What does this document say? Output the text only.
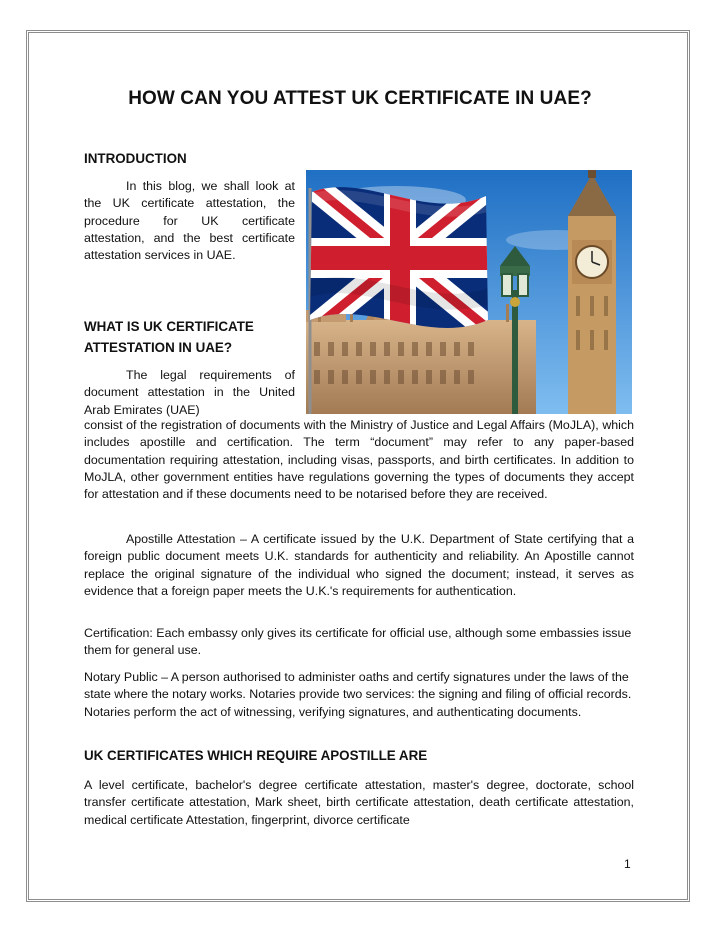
HOW CAN YOU ATTEST UK CERTIFICATE IN UAE?
INTRODUCTION

In this blog, we shall look at the UK certificate attestation, the procedure for UK certificate attestation, and the best certificate attestation services in UAE.

WHAT IS UK CERTIFICATE
ATTESTATION IN UAE?

The legal requirements of document attestation in the United Arab Emirates (UAE)

consist of the registration of documents with the Ministry of Justice and Legal Affairs (MoJLA), which includes apostille and certification. The term “document” may refer to any paper-based documentation requiring attestation, including visas, passports, and birth certificates. In addition to MoJLA, other government entities have regulations governing the types of documents they accept for attestation and if these documents need to be notarised before they are received.

Apostille Attestation – A certificate issued by the U.K. Department of State certifying that a foreign public document meets U.K. standards for authenticity and reliability. An Apostille cannot replace the original signature of the individual who signed the document; instead, it serves as evidence that a foreign paper meets the U.K.'s requirements for authentication.

Certification: Each embassy only gives its certificate for official use, although some embassies issue them for general use.

Notary Public – A person authorised to administer oaths and certify signatures under the laws of the state where the notary works. Notaries provide two services: the signing and filing of official records. Notaries perform the act of witnessing, verifying signatures, and authenticating documents.

UK CERTIFICATES WHICH REQUIRE APOSTILLE ARE

A level certificate, bachelor's degree certificate attestation, master's degree, doctorate, school transfer certificate attestation, Mark sheet, birth certificate attestation, death certificate attestation, medical certificate Attestation, fingerprint, divorce certificate

1
